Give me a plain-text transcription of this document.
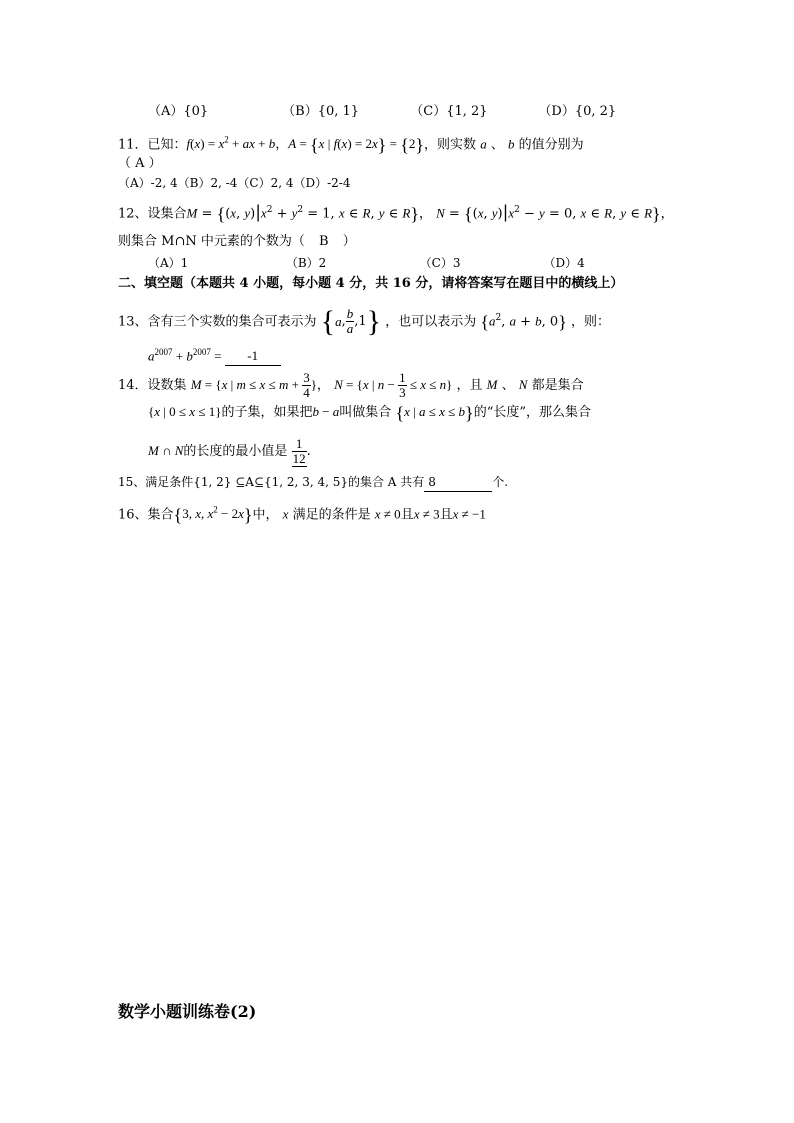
（A）{0}	（B）{0, 1}	（C）{1, 2}	（D）{0, 2}
11．已知：$f(x) = x^2$ + ax + b，A = {x | f(x) = 2x} = {2}，则实数 a 、 b 的值分别为
（ A ）
（A）-2, 4（B）2, -4（C）2, 4（D）-2-4
12、设集合M = {(x, $y)|x^2 + y^2 = 1$, x ∈ R, y ∈ R}， N = {(x, $y)|x^2 - y = 0$, x ∈ R, y ∈ R}，
则集合 M∩N 中元素的个数为（ B ）
（A）1	（B）2	（C）3	（D）4
二、填空题（本题共 4 小题，每小题 4 分，共 16 分，请将答案写在题目中的横线上）
13、含有三个实数的集合可表示为 {a, $\frac{b}{a} ,1$} ，也可以表示为 {$a^2$, a + b, 0} ，则：
$a^{2007} + b^{2007} = -1$
14．设数集 M = {x | $m \le x \le m + \frac{3}{4}$ }， N = {x | $n - \frac{1}{3} \le x \le n$} ，且 M 、 N 都是集合
{x | 0 ≤ x ≤ 1}的子集，如果把b − a叫做集合 {x | a ≤ x ≤ b}的“长度”，那么集合
M ∩ N的长度的最小值是 $\frac{1}{12}$ .
15、满足条件{1, 2} ⊆A⊆{1, 2, 3, 4, 5}的集合 A 共有 8	个.
16、集合{3, x, $x^2 - 2x$}中， x 满足的条件是 x ≠ 0且x ≠ 3且x ≠ −1
数学小题训练卷(2)
